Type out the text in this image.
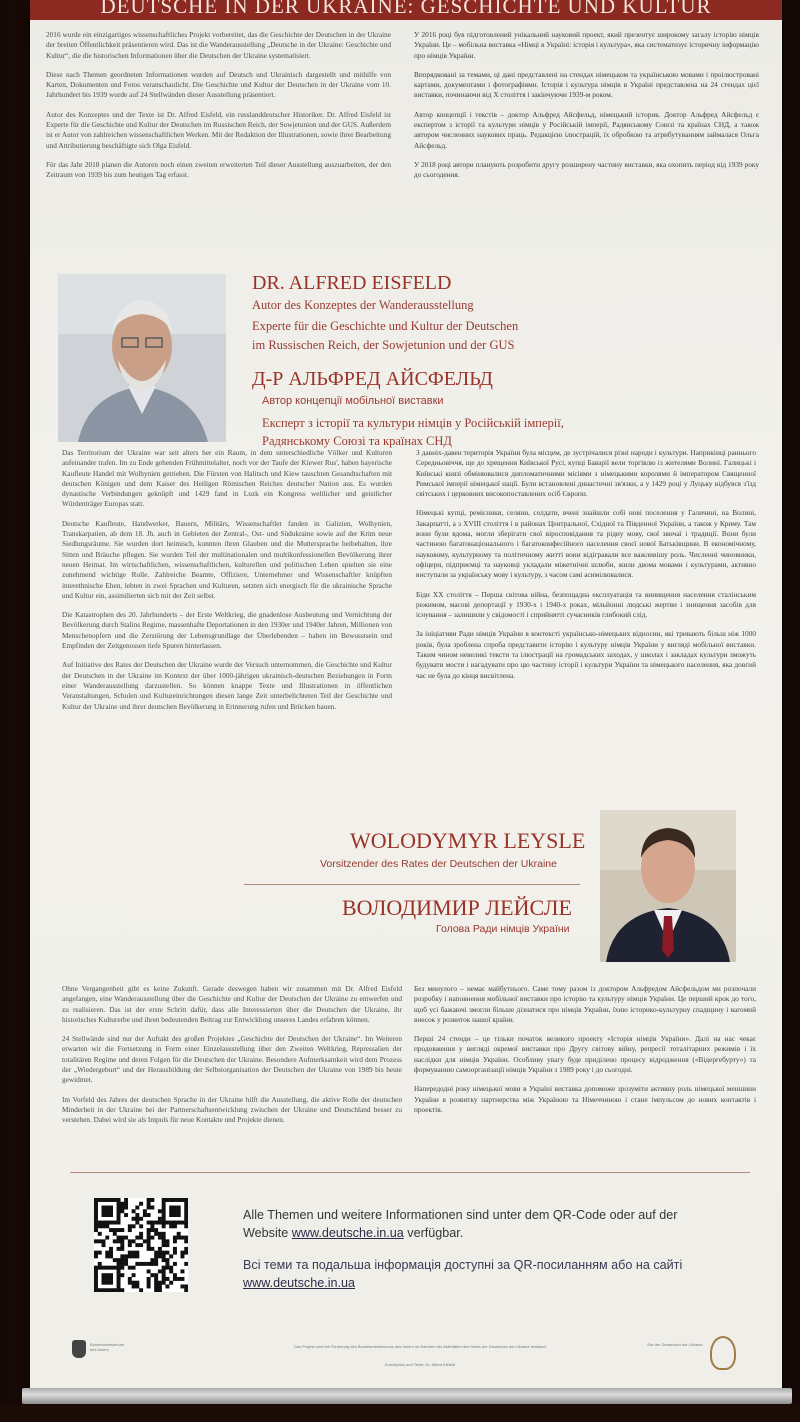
DEUTSCHE IN DER UKRAINE: GESCHICHTE UND KULTUR

2016 wurde ein einzigartiges wissenschaftliches Projekt vorbereitet, das die Geschichte der Deutschen in der Ukraine der breiten Öffentlichkeit präsentieren wird. Das ist die Wanderausstellung „Deutsche in der Ukraine: Geschichte und Kultur“, die die historischen Informationen über die Deutschen der Ukraine systematisiert.

Diese nach Themen geordneten Informationen wurden auf Deutsch und Ukrainisch dargestellt und mithilfe von Karten, Dokumenten und Fotos veranschaulicht. Die Geschichte und Kultur der Deutschen in der Ukraine vom 10. Jahrhundert bis 1939 wurde auf 24 Stellwänden dieser Ausstellung präsentiert.

Autor des Konzeptes und der Texte ist Dr. Alfred Eisfeld, ein russlanddeutscher Historiker. Dr. Alfred Eisfeld ist Experte für die Geschichte und Kultur der Deutschen im Russischen Reich, der Sowjetunion und der GUS. Außerdem ist er Autor von zahlreichen wissenschaftlichen Werken. Mit der Redaktion der Illustrationen, sowie ihrer Bearbeitung und Attributierung beschäftigte sich Olga Eisfeld.

Für das Jahr 2018 planen die Autoren noch einen zweiten erweiterten Teil dieser Ausstellung auszuarbeiten, der den Zeitraum von 1939 bis zum heutigen Tag erfasst.

У 2016 році був підготовлений унікальний науковий проект, який презентує широкому загалу історію німців України. Це – мобільна виставка «Німці в Україні: історія і культура», яка систематизує історичну інформацію про німців України.

Впорядковані за темами, ці дані представлені на стендах німецьком та українською мовами і проілюстровані картами, документами і фотографіями. Історія і культура німців в Україні представлена на 24 стендах цієї виставки, починаючи від X століття і закінчуючи 1939-м роком.

Автор концепції і текстів – доктор Альфред Айсфельд, німецький історик. Доктор Альфред Айсфельд є експертом з історії та культури німців у Російській імперії, Радянському Союзі та країнах СНД, а також автором численних наукових праць. Редакцією ілюстрацій, їх обробкою та атрибутуванням займалася Ольга Айсфельд.

У 2018 році автори планують розробити другу розширену частину виставки, яка охопить період від 1939 року до сьогодення.

DR. ALFRED EISFELD
Autor des Konzeptes der Wanderausstellung
Experte für die Geschichte und Kultur der Deutschen
im Russischen Reich, der Sowjetunion und der GUS
Д-Р АЛЬФРЕД АЙСФЕЛЬД
Автор концепції мобільної виставки
Експерт з історії та культури німців у Російській імперії,
Радянському Союзі та країнах СНД

Das Territorium der Ukraine war seit alters her ein Raum, in dem unterschiedliche Völker und Kulturen aufeinander trafen. Im zu Ende gehenden Frühmittelalter, noch vor der Taufe der Kiewer Rus', haben bayerische Kaufleute Handel mit Wolhynien getrieben. Die Fürsten von Halitsch und Kiew tauschten Gesandtschaften mit deutschen Königen und dem Kaiser des Heiligen Römischen Reiches deutscher Nation aus. Es wurden dynastische Verbindungen geknüpft und 1429 fand in Luzk ein Kongress weltlicher und geistlicher Würdenträger Europas statt.

Deutsche Kaufleute, Handwerker, Bauern, Militärs, Wissenschaftler fanden in Galizien, Wolhynien, Transkarpatien, ab dem 18. Jh. auch in Gebieten der Zentral-, Ost- und Südukraine sowie auf der Krim neue Siedlungsräume. Sie wurden dort heimisch, konnten ihren Glauben und die Muttersprache beibehalten, ihre Sitten und Bräuche pflegen. Sie wurden Teil der multinationalen und multikonfessionellen Bevölkerung ihrer neuen Heimat. Im wirtschaftlichen, wissenschaftlichen, kulturellen und politischen Leben spielten sie eine zunehmend wichtige Rolle. Zahlreiche Beamte, Offiziere, Unternehmer und Wissenschaftler knüpften interethnische Ehen, lebten in zwei Sprachen und Kulturen, setzten sich energisch für die ukrainische Sprache und Kultur ein, assimilierten sich mit der Zeit selbst.

Die Katastrophen des 20. Jahrhunderts – der Erste Weltkrieg, die gnadenlose Ausbeutung und Vernichtung der Bevölkerung durch Stalins Regime, massenhafte Deportationen in den 1930er und 1940er Jahren, Millionen von Menschenopfern und die Zerstörung der Lebensgrundlage der Überlebenden – haben im Bewusstsein und Empfinden der Zeitgenossen tiefe Spuren hinterlassen.

Auf Initiative des Rates der Deutschen der Ukraine wurde der Versuch unternommen, die Geschichte und Kultur der Deutschen in der Ukraine im Kontext der über 1000-jährigen ukrainisch-deutschen Beziehungen in Form einer Wanderausstellung darzustellen. So können knappe Texte und Illustrationen in öffentlichen Veranstaltungen, Schulen und Kultureinrichtungen diesen lange Zeit unterbelichteten Teil der Geschichte und Kultur der Ukraine und ihrer deutschen Bevölkerung in Erinnerung rufen und Brücken bauen.

З давніх-давен територія України була місцем, де зустрічалися різні народи і культури. Наприкінці раннього Середньовіччя, ще до хрещення Київської Русі, купці Баварії вели торгівлю із жителями Волині. Галицькі і Київські князі обмінювалися дипломатичними місіями з німецькими королями й імператором Священної Римської імперії німецької нації. Були встановлені династичні зв'язки, а у 1429 році у Луцьку відбувся з'їзд світських і церковних високопоставлених осіб Європи.

Німецькі купці, ремісники, селяни, солдати, вчені знайшли собі нові поселення у Галичині, на Волині, Закарпатті, а з XVIII століття і в районах Центральної, Східної та Південної України, а також у Криму. Там вони були вдома, могли зберігати свої віросповідання та рідну мову, свої звичаї і традиції. Вони були частиною багатонаціонального і багатоконфесійного населення своєї нової Батьківщини. В економічному, науковому, культурному та політичному житті вони відігравали все важливішу роль. Численні чиновники, офіцери, підприємці та науковці укладали міжетнічні шлюби, жили двома мовами і культурами, активно виступали за українську мову і культуру, з часом самі асимілювалися.

Біди XX століття – Перша світова війна, безпощадна експлуатація та винищення населення сталінським режимом, масові депортації у 1930-х і 1940-х роках, мільйонні людські жертви і знищення засобів для існування – залишили у свідомості і сприйнятті сучасників глибокий слід.

За ініціативи Ради німців України в контексті українсько-німецьких відносин, які тривають більш ніж 1000 років, була зроблена спроба представити історію і культуру німців України у вигляді мобільної виставки. Таким чином невеликі тексти та ілюстрації на громадських заходах, у школах і закладах культури зможуть будувати мости і нагадувати про цю частину історії і культури України та німецького населення, яка довгий час не була до кінця висвітлена.

WOLODYMYR LEYSLE
Vorsitzender des Rates der Deutschen der Ukraine
ВОЛОДИМИР ЛЕЙСЛЕ
Голова Ради німців України

Ohne Vergangenheit gibt es keine Zukunft. Gerade deswegen haben wir zusammen mit Dr. Alfred Eisfeld angefangen, eine Wanderausstellung über die Geschichte und Kultur der Deutschen der Ukraine zu entwerfen und zu realisieren. Das ist der erste Schritt dafür, dass alle Interessierten über die Deutschen der Ukraine, ihr historisches Kulturerbe und ihren bedeutenden Beitrag zur Entwicklung unseres Landes erfahren können.

24 Stellwände sind nur der Auftakt des großen Projektes „Geschichte der Deutschen der Ukraine“. Im Weiteren erwarten wir die Fortsetzung in Form einer Einzelausstellung über den Zweiten Weltkrieg, Repressalien der totalitären Regime und deren Folgen für die Deutschen der Ukraine. Besondere Aufmerksamkeit wird dem Prozess der „Wiedergeburt“ und der Herausbildung der Selbstorganisation der Deutschen der Ukraine von 1989 bis heute gewidmet.

Im Vorfeld des Jahres der deutschen Sprache in der Ukraine hilft die Ausstellung, die aktive Rolle der deutschen Minderheit in der Ukraine bei der Partnerschaftsentwicklung zwischen der Ukraine und Deutschland besser zu verstehen. Dabei wird sie als Impuls für neue Kontakte und Projekte dienen.

Без минулого – немає майбутнього. Саме тому разом із доктором Альфредом Айсфельдом ми розпочали розробку і наповнення мобільної виставки про історію та культуру німців України. Це перший крок до того, щоб усі бажаючі змогли більше дізнатися про німців України, їхню історико-культурну спадщину і вагомий внесок у розвиток нашої країни.

Перші 24 стенди – це тільки початок великого проекту «Історія німців України». Далі на нас чекає продовження у вигляді окремої виставки про Другу світову війну, репресії тоталітарних режимів і їх наслідки для німців України. Особливу увагу буде приділено процесу відродження («Відергебурту») та формуванню самоорганізації німців України з 1989 року і до сьогодні.

Напередодні року німецької мови в Україні виставка допоможе зрозуміти активну роль німецької меншини України в розвитку партнерства між Україною та Німеччиною і стане імпульсом до нових контактів і проектів.

Alle Themen und weitere Informationen sind unter dem QR-Code oder auf der Website www.deutsche.in.ua verfügbar.
Всі теми та подальша інформація доступні за QR-посиланням або на сайті www.deutsche.in.ua
Bundesministerium des Innern
Das Projekt wird mit Förderung des Bundesministeriums des Innern im Rahmen der Aktivitäten des Rates der Deutschen der Ukraine realisiert
Konzeption und Texte: Dr. Alfred Eisfeld
Rat der Deutschen der Ukraine
